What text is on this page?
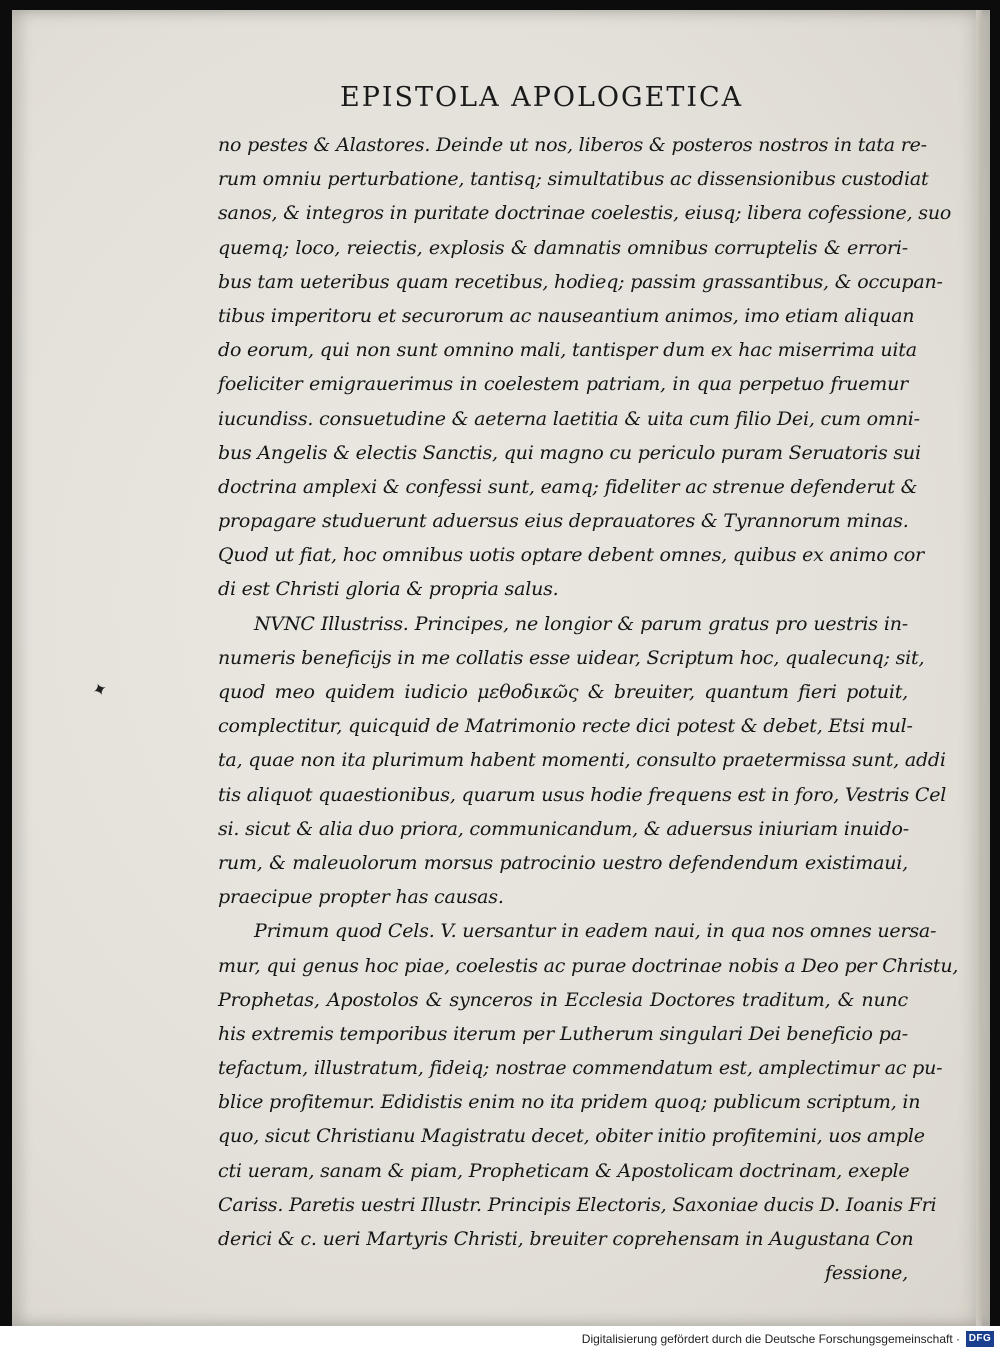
EPISTOLA APOLOGETICA
✦
no pestes & Alastores. Deinde ut nos, liberos & posteros nostros in tata re-
rum omniu perturbatione, tantisq; simultatibus ac dissensionibus custodiat
sanos, & integros in puritate doctrinae coelestis, eiusq; libera cofessione, suo
quemq; loco, reiectis, explosis & damnatis omnibus corruptelis & errori-
bus tam ueteribus quam recetibus, hodieq; passim grassantibus, & occupan-
tibus imperitoru et securorum ac nauseantium animos, imo etiam aliquan
do eorum, qui non sunt omnino mali, tantisper dum ex hac miserrima uita
foeliciter emigrauerimus in coelestem patriam, in qua perpetuo fruemur
iucundiss. consuetudine & aeterna laetitia & uita cum filio Dei, cum omni-
bus Angelis & electis Sanctis, qui magno cu periculo puram Seruatoris sui
doctrina amplexi & confessi sunt, eamq; fideliter ac strenue defenderut &
propagare studuerunt aduersus eius deprauatores & Tyrannorum minas.
Quod ut fiat, hoc omnibus uotis optare debent omnes, quibus ex animo cor
di est Christi gloria & propria salus.
NVNC Illustriss. Principes, ne longior & parum gratus pro uestris in-
numeris beneficijs in me collatis esse uidear, Scriptum hoc, qualecunq; sit,
quod meo quidem iudicio μεθοδικῶς & breuiter, quantum fieri potuit,
complectitur, quicquid de Matrimonio recte dici potest & debet, Etsi mul-
ta, quae non ita plurimum habent momenti, consulto praetermissa sunt, addi
tis aliquot quaestionibus, quarum usus hodie frequens est in foro, Vestris Cel
si. sicut & alia duo priora, communicandum, & aduersus iniuriam inuido-
rum, & maleuolorum morsus patrocinio uestro defendendum existimaui,
praecipue propter has causas.
Primum quod Cels. V. uersantur in eadem naui, in qua nos omnes uersa-
mur, qui genus hoc piae, coelestis ac purae doctrinae nobis a Deo per Christu,
Prophetas, Apostolos & synceros in Ecclesia Doctores traditum, & nunc
his extremis temporibus iterum per Lutherum singulari Dei beneficio pa-
tefactum, illustratum, fideiq; nostrae commendatum est, amplectimur ac pu-
blice profitemur. Edidistis enim no ita pridem quoq; publicum scriptum, in
quo, sicut Christianu Magistratu decet, obiter initio profitemini, uos ample
cti ueram, sanam & piam, Propheticam & Apostolicam doctrinam, exeple
Cariss. Paretis uestri Illustr. Principis Electoris, Saxoniae ducis D. Ioanis Fri
derici & c. ueri Martyris Christi, breuiter coprehensam in Augustana Con
fessione,
Digitalisierung gefördert durch die Deutsche Forschungsgemeinschaft · DFG
